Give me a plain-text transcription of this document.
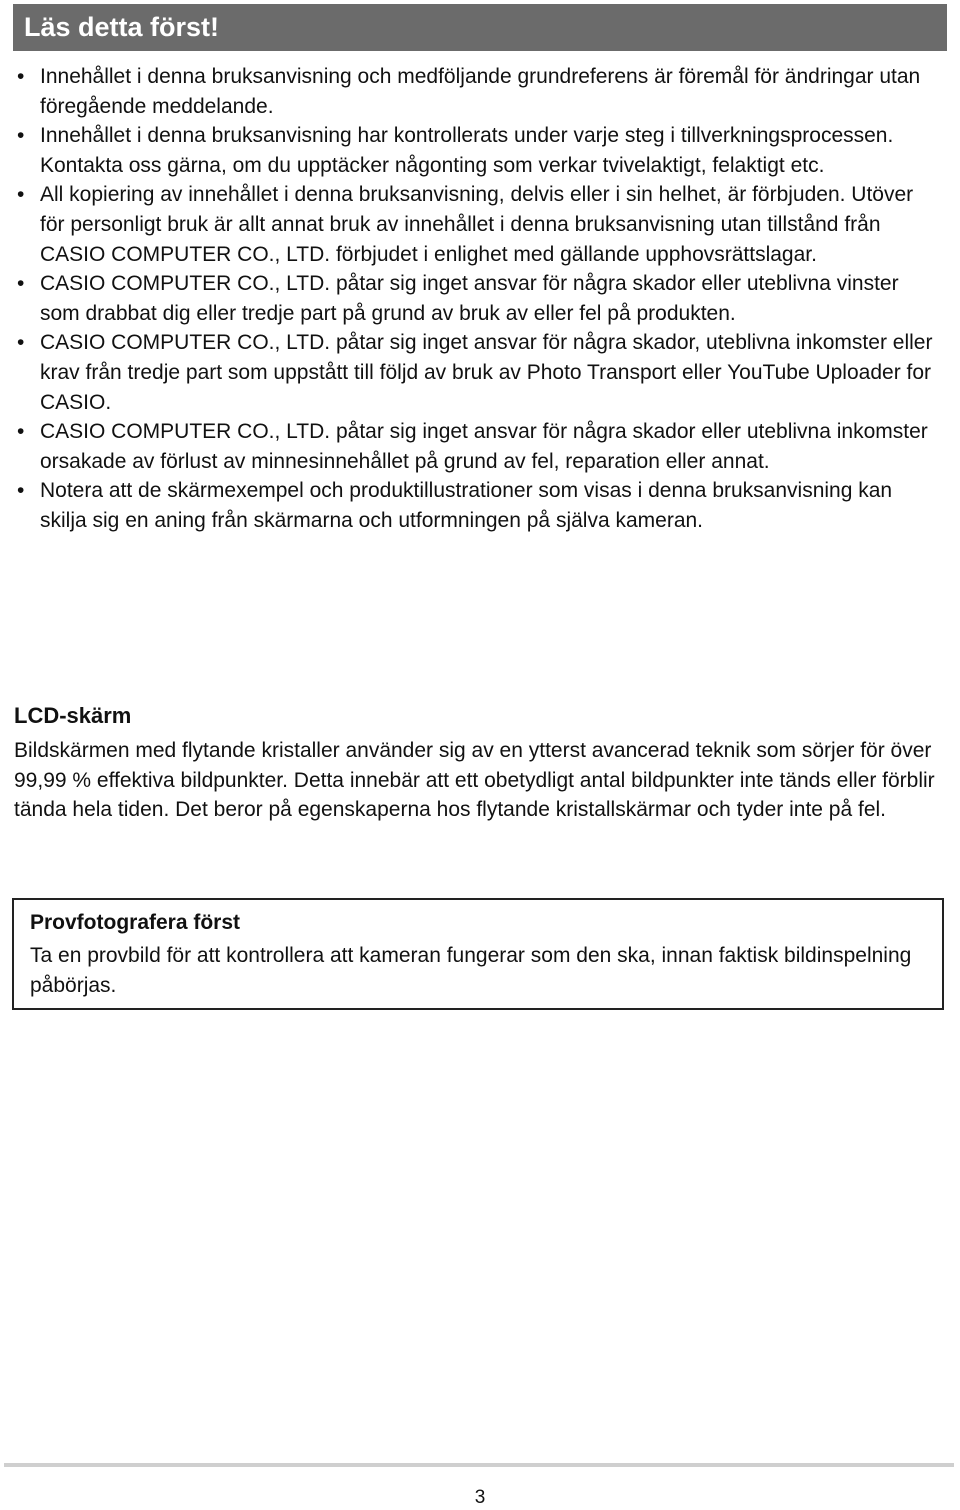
Läs detta först!
• Innehållet i denna bruksanvisning och medföljande grundreferens är föremål för ändringar utan föregående meddelande.
• Innehållet i denna bruksanvisning har kontrollerats under varje steg i tillverkningsprocessen. Kontakta oss gärna, om du upptäcker någonting som verkar tvivelaktigt, felaktigt etc.
• All kopiering av innehållet i denna bruksanvisning, delvis eller i sin helhet, är förbjuden. Utöver för personligt bruk är allt annat bruk av innehållet i denna bruksanvisning utan tillstånd från CASIO COMPUTER CO., LTD. förbjudet i enlighet med gällande upphovsrättslagar.
• CASIO COMPUTER CO., LTD. påtar sig inget ansvar för några skador eller uteblivna vinster som drabbat dig eller tredje part på grund av bruk av eller fel på produkten.
• CASIO COMPUTER CO., LTD. påtar sig inget ansvar för några skador, uteblivna inkomster eller krav från tredje part som uppstått till följd av bruk av Photo Transport eller YouTube Uploader for CASIO.
• CASIO COMPUTER CO., LTD. påtar sig inget ansvar för några skador eller uteblivna inkomster orsakade av förlust av minnesinnehållet på grund av fel, reparation eller annat.
• Notera att de skärmexempel och produktillustrationer som visas i denna bruksanvisning kan skilja sig en aning från skärmarna och utformningen på själva kameran.
LCD-skärm

Bildskärmen med flytande kristaller använder sig av en ytterst avancerad teknik som sörjer för över 99,99 % effektiva bildpunkter. Detta innebär att ett obetydligt antal bildpunkter inte tänds eller förblir tända hela tiden. Det beror på egenskaperna hos flytande kristallskärmar och tyder inte på fel.

Provfotografera först

Ta en provbild för att kontrollera att kameran fungerar som den ska, innan faktisk bildinspelning påbörjas.

3
